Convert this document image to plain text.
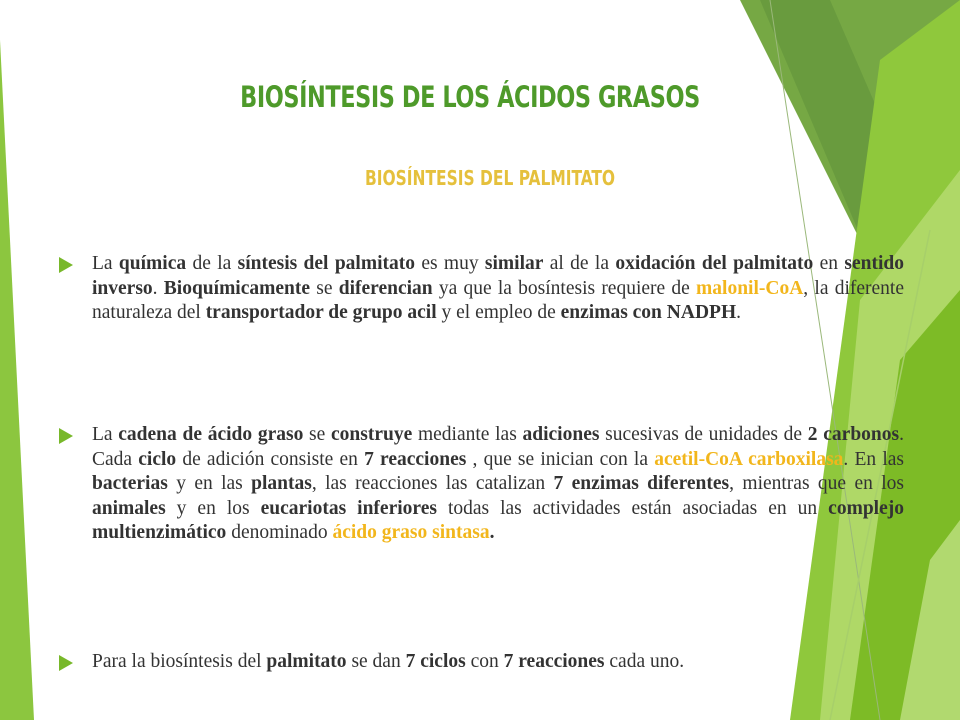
BIOSÍNTESIS DE LOS ÁCIDOS GRASOS
BIOSÍNTESIS DEL PALMITATO
La química de la síntesis del palmitato es muy similar al de la oxidación del palmitato en sentido inverso. Bioquímicamente se diferencian ya que la bosíntesis requiere de malonil-CoA, la diferente naturaleza del transportador de grupo acil y el empleo de enzimas con NADPH.
La cadena de ácido graso se construye mediante las adiciones sucesivas de unidades de 2 carbonos. Cada ciclo de adición consiste en 7 reacciones , que se inician con la acetil-CoA carboxilasa. En las bacterias y en las plantas, las reacciones las catalizan 7 enzimas diferentes, mientras que en los animales y en los eucariotas inferiores todas las actividades están asociadas en un complejo multienzimático denominado ácido graso sintasa.
Para la biosíntesis del palmitato se dan 7 ciclos con 7 reacciones cada uno.
